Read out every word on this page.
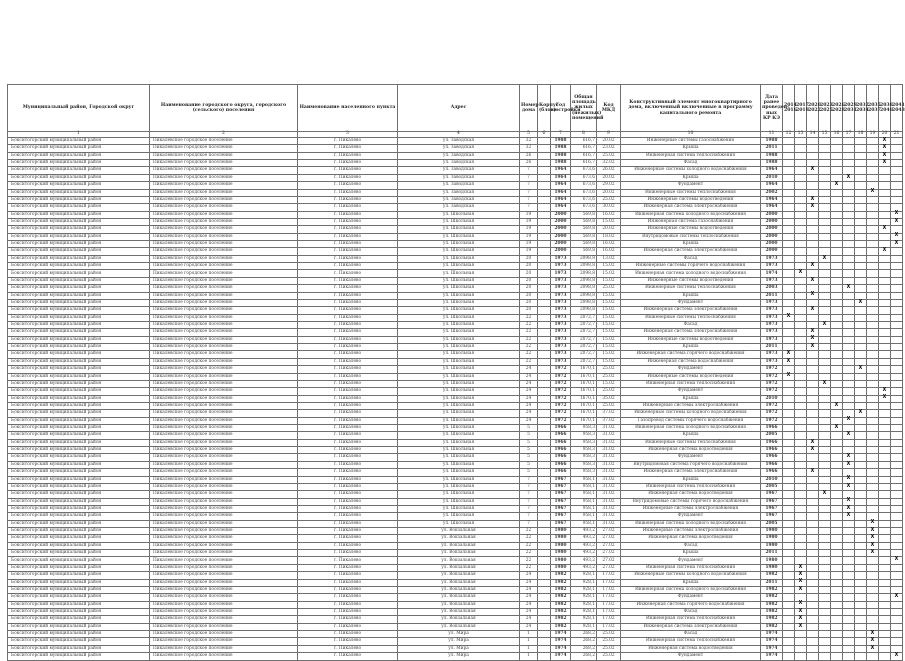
Муниципальный район, Городской округ	Наименование городского округа, городского (сельского) поселения	Наименование населенного пункта	Адрес	Номер дома	Корпус (блок)	Год постройки	Общая площадь жилых (нежилых) помещений	Код МКД	Конструктивный элемент многоквартирного дома, включенный включенные в программу капитального ремонта	Дата ранее проведен-ных КР КЭ	2014 2016	2017 2019	2020 2022	2023 2025	2026 2028	2029 2031	2032 2034	2035 2037	2038 2040	2041 2043
1	2	3	4	5	6	7	8	9	10	11	12	13	14	15	16	17	18	19	20	21
Бокситогорский муниципальный район	Пикалевское городское поселение	г. Пикалево	ул. Заводская	32		1988	616,7	20.02	Инженерные системы газоснабжения	1988									X	
Бокситогорский муниципальный район	Пикалевское городское поселение	г. Пикалево	ул. Заводская	32		1988	616,7	23.02	Крыша	2011									X	
Бокситогорский муниципальный район	Пикалевское городское поселение	г. Пикалево	ул. Заводская	26		1988	616,7	25.02	Инженерная система теплоснабжения	1988									X	
Бокситогорский муниципальный район	Пикалевское городское поселение	г. Пикалево	ул. Заводская	26		1988	616,7	32.02	Фасад	1988									X	
Бокситогорский муниципальный район	Пикалевское городское поселение	г. Пикалево	ул. Заводская	7		1964	673,6	26.02	Инженерные системы холодного водоснабжения	1964			X							
Бокситогорский муниципальный район	Пикалевское городское поселение	г. Пикалево	ул. Заводская	7		1964	673,6	20.02	Крыша	2010						X				
Бокситогорский муниципальный район	Пикалевское городское поселение	г. Пикалево	ул. Заводская	7		1964	673,6	29.02	Фундамент	1964					X					
Бокситогорский муниципальный район	Пикалевское городское поселение	г. Пикалево	ул. Заводская	7		1964	673,6	20.02	Инженерные системы теплоснабжения	2002								X		
Бокситогорский муниципальный район	Пикалевское городское поселение	г. Пикалево	ул. Заводская	7		1964	673,6	25.02	Инженерные системы водоотведения	1964			X							
Бокситогорский муниципальный район	Пикалевское городское поселение	г. Пикалево	ул. Заводская	7		1964	673,6	30.02	Инженерная система электроснабжения	1964			X							
Бокситогорский муниципальный район	Пикалевское городское поселение	г. Пикалево	ул. Школьная	19		2000	569,8	16.02	Инженерная система холодного водоснабжения	2000										X
Бокситогорский муниципальный район	Пикалевское городское поселение	г. Пикалево	ул. Школьная	19		2000	569,8	15.02	Инженерная система газоснабжения	2000										X
Бокситогорский муниципальный район	Пикалевское городское поселение	г. Пикалево	ул. Школьная	19		2000	569,8	20.02	Инженерные системы водоотведения	2000									X	
Бокситогорский муниципальный район	Пикалевское городское поселение	г. Пикалево	ул. Школьная	19		2000	569,8	18.02	Внутридомовые системы теплоснабжения	2000										X
Бокситогорский муниципальный район	Пикалевское городское поселение	г. Пикалево	ул. Школьная	19		2000	569,8	16.02	Крыша	2000										X
Бокситогорский муниципальный район	Пикалевское городское поселение	г. Пикалево	ул. Школьная	19		2000	569,8	16.02	Инженерная система электроснабжения	2000									X	
Бокситогорский муниципальный район	Пикалевское городское поселение	г. Пикалево	ул. Школьная	20		1973	2098,8	13.02	Фасад	1973				X						
Бокситогорский муниципальный район	Пикалевское городское поселение	г. Пикалево	ул. Школьная	20		1973	2098,8	15.02	Инженерные системы горячего водоснабжения	1973			X							
Бокситогорский муниципальный район	Пикалевское городское поселение	г. Пикалево	ул. Школьная	20		1973	2098,8	15.02	Инженерная система холодного водоснабжения	1974		X								
Бокситогорский муниципальный район	Пикалевское городское поселение	г. Пикалево	ул. Школьная	20		1973	2098,8	15.02	Инженерные системы водоотведения	1973			X							
Бокситогорский муниципальный район	Пикалевское городское поселение	г. Пикалево	ул. Школьная	20		1973	2098,8	25.02	Инженерные системы теплоснабжения	2003						X				
Бокситогорский муниципальный район	Пикалевское городское поселение	г. Пикалево	ул. Школьная	20		1973	2098,8	15.02	Крыша	2011			X							
Бокситогорский муниципальный район	Пикалевское городское поселение	г. Пикалево	ул. Школьная	20		1973	2098,8	15.02	Фундамент	1973							X			
Бокситогорский муниципальный район	Пикалевское городское поселение	г. Пикалево	ул. Школьная	20		1973	2098,8	15.02	Инженерная система электроснабжения	1973			X							
Бокситогорский муниципальный район	Пикалевское городское поселение	г. Пикалево	ул. Школьная	22		1973	2072,7	15.02	Инженерные системы теплоснабжения	1973	X									
Бокситогорский муниципальный район	Пикалевское городское поселение	г. Пикалево	ул. Школьная	22		1973	2072,7	15.02	Фасад	1973				X						
Бокситогорский муниципальный район	Пикалевское городское поселение	г. Пикалево	ул. Школьная	22		1973	2072,7	15.02	Инженерная система электроснабжения	1973			X							
Бокситогорский муниципальный район	Пикалевское городское поселение	г. Пикалево	ул. Школьная	22		1973	2072,7	15.02	Инженерные системы водоотведения	1973			X							
Бокситогорский муниципальный район	Пикалевское городское поселение	г. Пикалево	ул. Школьная	22		1973	2072,7	15.02	Крыша	2011			X							
Бокситогорский муниципальный район	Пикалевское городское поселение	г. Пикалево	ул. Школьная	22		1973	2072,7	15.02	Инженерная система горячего водоснабжения	1973	X									
Бокситогорский муниципальный район	Пикалевское городское поселение	г. Пикалево	ул. Школьная	22		1973	2072,7	15.02	Инженерная система водоснабжения	1973	X									
Бокситогорский муниципальный район	Пикалевское городское поселение	г. Пикалево	ул. Школьная	24		1972	1670,1	25.02	Фундамент	1972							X			
Бокситогорский муниципальный район	Пикалевское городское поселение	г. Пикалево	ул. Школьная	24		1972	1670,1	25.02	Инженерные системы водоотведения	1972	X									
Бокситогорский муниципальный район	Пикалевское городское поселение	г. Пикалево	ул. Школьная	24		1972	1670,1	15.02	Инженерная система теплоснабжения	1972				X						
Бокситогорский муниципальный район	Пикалевское городское поселение	г. Пикалево	ул. Школьная	24		1972	1670,1	25.02	Фундамент	1972									X	
Бокситогорский муниципальный район	Пикалевское городское поселение	г. Пикалево	ул. Школьная	24		1972	1670,1	35.02	Крыша	2010									X	
Бокситогорский муниципальный район	Пикалевское городское поселение	г. Пикалево	ул. Школьная	24		1972	1670,1	25.02	Инженерные системы электроснабжения	1972					X					
Бокситогорский муниципальный район	Пикалевское городское поселение	г. Пикалево	ул. Школьная	24		1972	1670,1	37.02	Инженерные системы холодного водоснабжения	1972							X			
Бокситогорский муниципальный район	Пикалевское городское поселение	г. Пикалево	ул. Школьная	24		1972	1670,1	37.02	Газопровод системы горячего водоснабжения	1972						X				
Бокситогорский муниципальный район	Пикалевское городское поселение	г. Пикалево	ул. Школьная	5		1966	958,3	31.02	Инженерная система холодного водоснабжения	1966					X					
Бокситогорский муниципальный район	Пикалевское городское поселение	г. Пикалево	ул. Школьная	5		1966	958,3	31.02	Крыша	2005						X				
Бокситогорский муниципальный район	Пикалевское городское поселение	г. Пикалево	ул. Школьная	5		1966	958,3	31.02	Инженерные системы теплоснабжения	1966			X							
Бокситогорский муниципальный район	Пикалевское городское поселение	г. Пикалево	ул. Школьная	5		1966	958,3	31.02	Инженерная система водоотведения	1966			X							
Бокситогорский муниципальный район	Пикалевское городское поселение	г. Пикалево	ул. Школьная	5		1966	958,3	31.02	Фундамент	1966						X				
Бокситогорский муниципальный район	Пикалевское городское поселение	г. Пикалево	ул. Школьная	5		1966	958,3	31.02	Внутридомовая система горячего водоснабжения	1966						X				
Бокситогорский муниципальный район	Пикалевское городское поселение	г. Пикалево	ул. Школьная	5		1966	958,3	31.02	Инженерная система электроснабжения	1966			X							
Бокситогорский муниципальный район	Пикалевское городское поселение	г. Пикалево	ул. Школьная	7		1967	958,1	31.02	Крыша	2010						X				
Бокситогорский муниципальный район	Пикалевское городское поселение	г. Пикалево	ул. Школьная	7		1967	958,1	31.02	Инженерная система теплоснабжения	2005						X				
Бокситогорский муниципальный район	Пикалевское городское поселение	г. Пикалево	ул. Школьная	7		1967	958,1	31.02	Инженерная система водоотведения	1967				X						
Бокситогорский муниципальный район	Пикалевское городское поселение	г. Пикалево	ул. Школьная	7		1967	958,1	31.02	Внутридомовые системы горячего водоснабжения	1967						X				
Бокситогорский муниципальный район	Пикалевское городское поселение	г. Пикалево	ул. Школьная	7		1967	958,1	31.02	Инженерные системы электроснабжения	1967						X				
Бокситогорский муниципальный район	Пикалевское городское поселение	г. Пикалево	ул. Школьная	7		1967	958,1	31.02	Фундамент	1967						X				
Бокситогорский муниципальный район	Пикалевское городское поселение	г. Пикалево	ул. Школьная	7		1967	958,1	31.02	Инженерная система холодного водоснабжения	2005								X		
Бокситогорский муниципальный район	Пикалевское городское поселение	г. Пикалево	ул. Вокзальная	22		1980	493,2	27.02	Инженерные системы электроснабжения	1980								X		
Бокситогорский муниципальный район	Пикалевское городское поселение	г. Пикалево	ул. Вокзальная	22		1980	493,2	27.02	Инженерная система водоотведения	1980								X		
Бокситогорский муниципальный район	Пикалевское городское поселение	г. Пикалево	ул. Вокзальная	22		1980	493,2	27.02	Фасад	1980								X		
Бокситогорский муниципальный район	Пикалевское городское поселение	г. Пикалево	ул. Вокзальная	22		1980	493,2	27.02	Крыша	2011								X		
Бокситогорский муниципальный район	Пикалевское городское поселение	г. Пикалево	ул. Вокзальная	22		1980	493,2	27.02	Фундамент	1980										X
Бокситогорский муниципальный район	Пикалевское городское поселение	г. Пикалево	ул. Вокзальная	22		1980	493,2	27.02	Инженерная система теплоснабжения	1980		X								
Бокситогорский муниципальный район	Пикалевское городское поселение	г. Пикалево	ул. Вокзальная	24		1982	928,1	17.02	Инженерные системы холодного водоснабжения	1982		X								
Бокситогорский муниципальный район	Пикалевское городское поселение	г. Пикалево	ул. Вокзальная	24		1982	928,1	17.02	Крыша	2011		X								
Бокситогорский муниципальный район	Пикалевское городское поселение	г. Пикалево	ул. Вокзальная	24		1982	928,1	17.02	Инженерная система холодного водоснабжения	1982		X								
Бокситогорский муниципальный район	Пикалевское городское поселение	г. Пикалево	ул. Вокзальная	24		1982	928,1	17.02	Фундамент	1982										X
Бокситогорский муниципальный район	Пикалевское городское поселение	г. Пикалево	ул. Вокзальная	24		1982	928,1	17.02	Инженерная система горячего водоснабжения	1982		X								
Бокситогорский муниципальный район	Пикалевское городское поселение	г. Пикалево	ул. Вокзальная	24		1982	928,1	17.02	Фасад	1982		X								
Бокситогорский муниципальный район	Пикалевское городское поселение	г. Пикалево	ул. Вокзальная	24		1982	928,1	17.02	Инженерная система теплоснабжения	1982		X								
Бокситогорский муниципальный район	Пикалевское городское поселение	г. Пикалево	ул. Вокзальная	24		1982	928,1	17.02	Инженерная система электроснабжения	1982		X								
Бокситогорский муниципальный район	Пикалевское городское поселение	г. Пикалево	ул. Мира	1		1974	268,2	25.02	Фасад	1974								X		
Бокситогорский муниципальный район	Пикалевское городское поселение	г. Пикалево	ул. Мира	1		1974	268,2	25.02	Инженерная система теплоснабжения	1974								X		
Бокситогорский муниципальный район	Пикалевское городское поселение	г. Пикалево	ул. Мира	1		1974	268,2	25.02	Инженерная система водоотведения	1974								X		
Бокситогорский муниципальный район	Пикалевское городское поселение	г. Пикалево	ул. Мира	1		1974	268,2	25.02	Фундамент	1974										X
